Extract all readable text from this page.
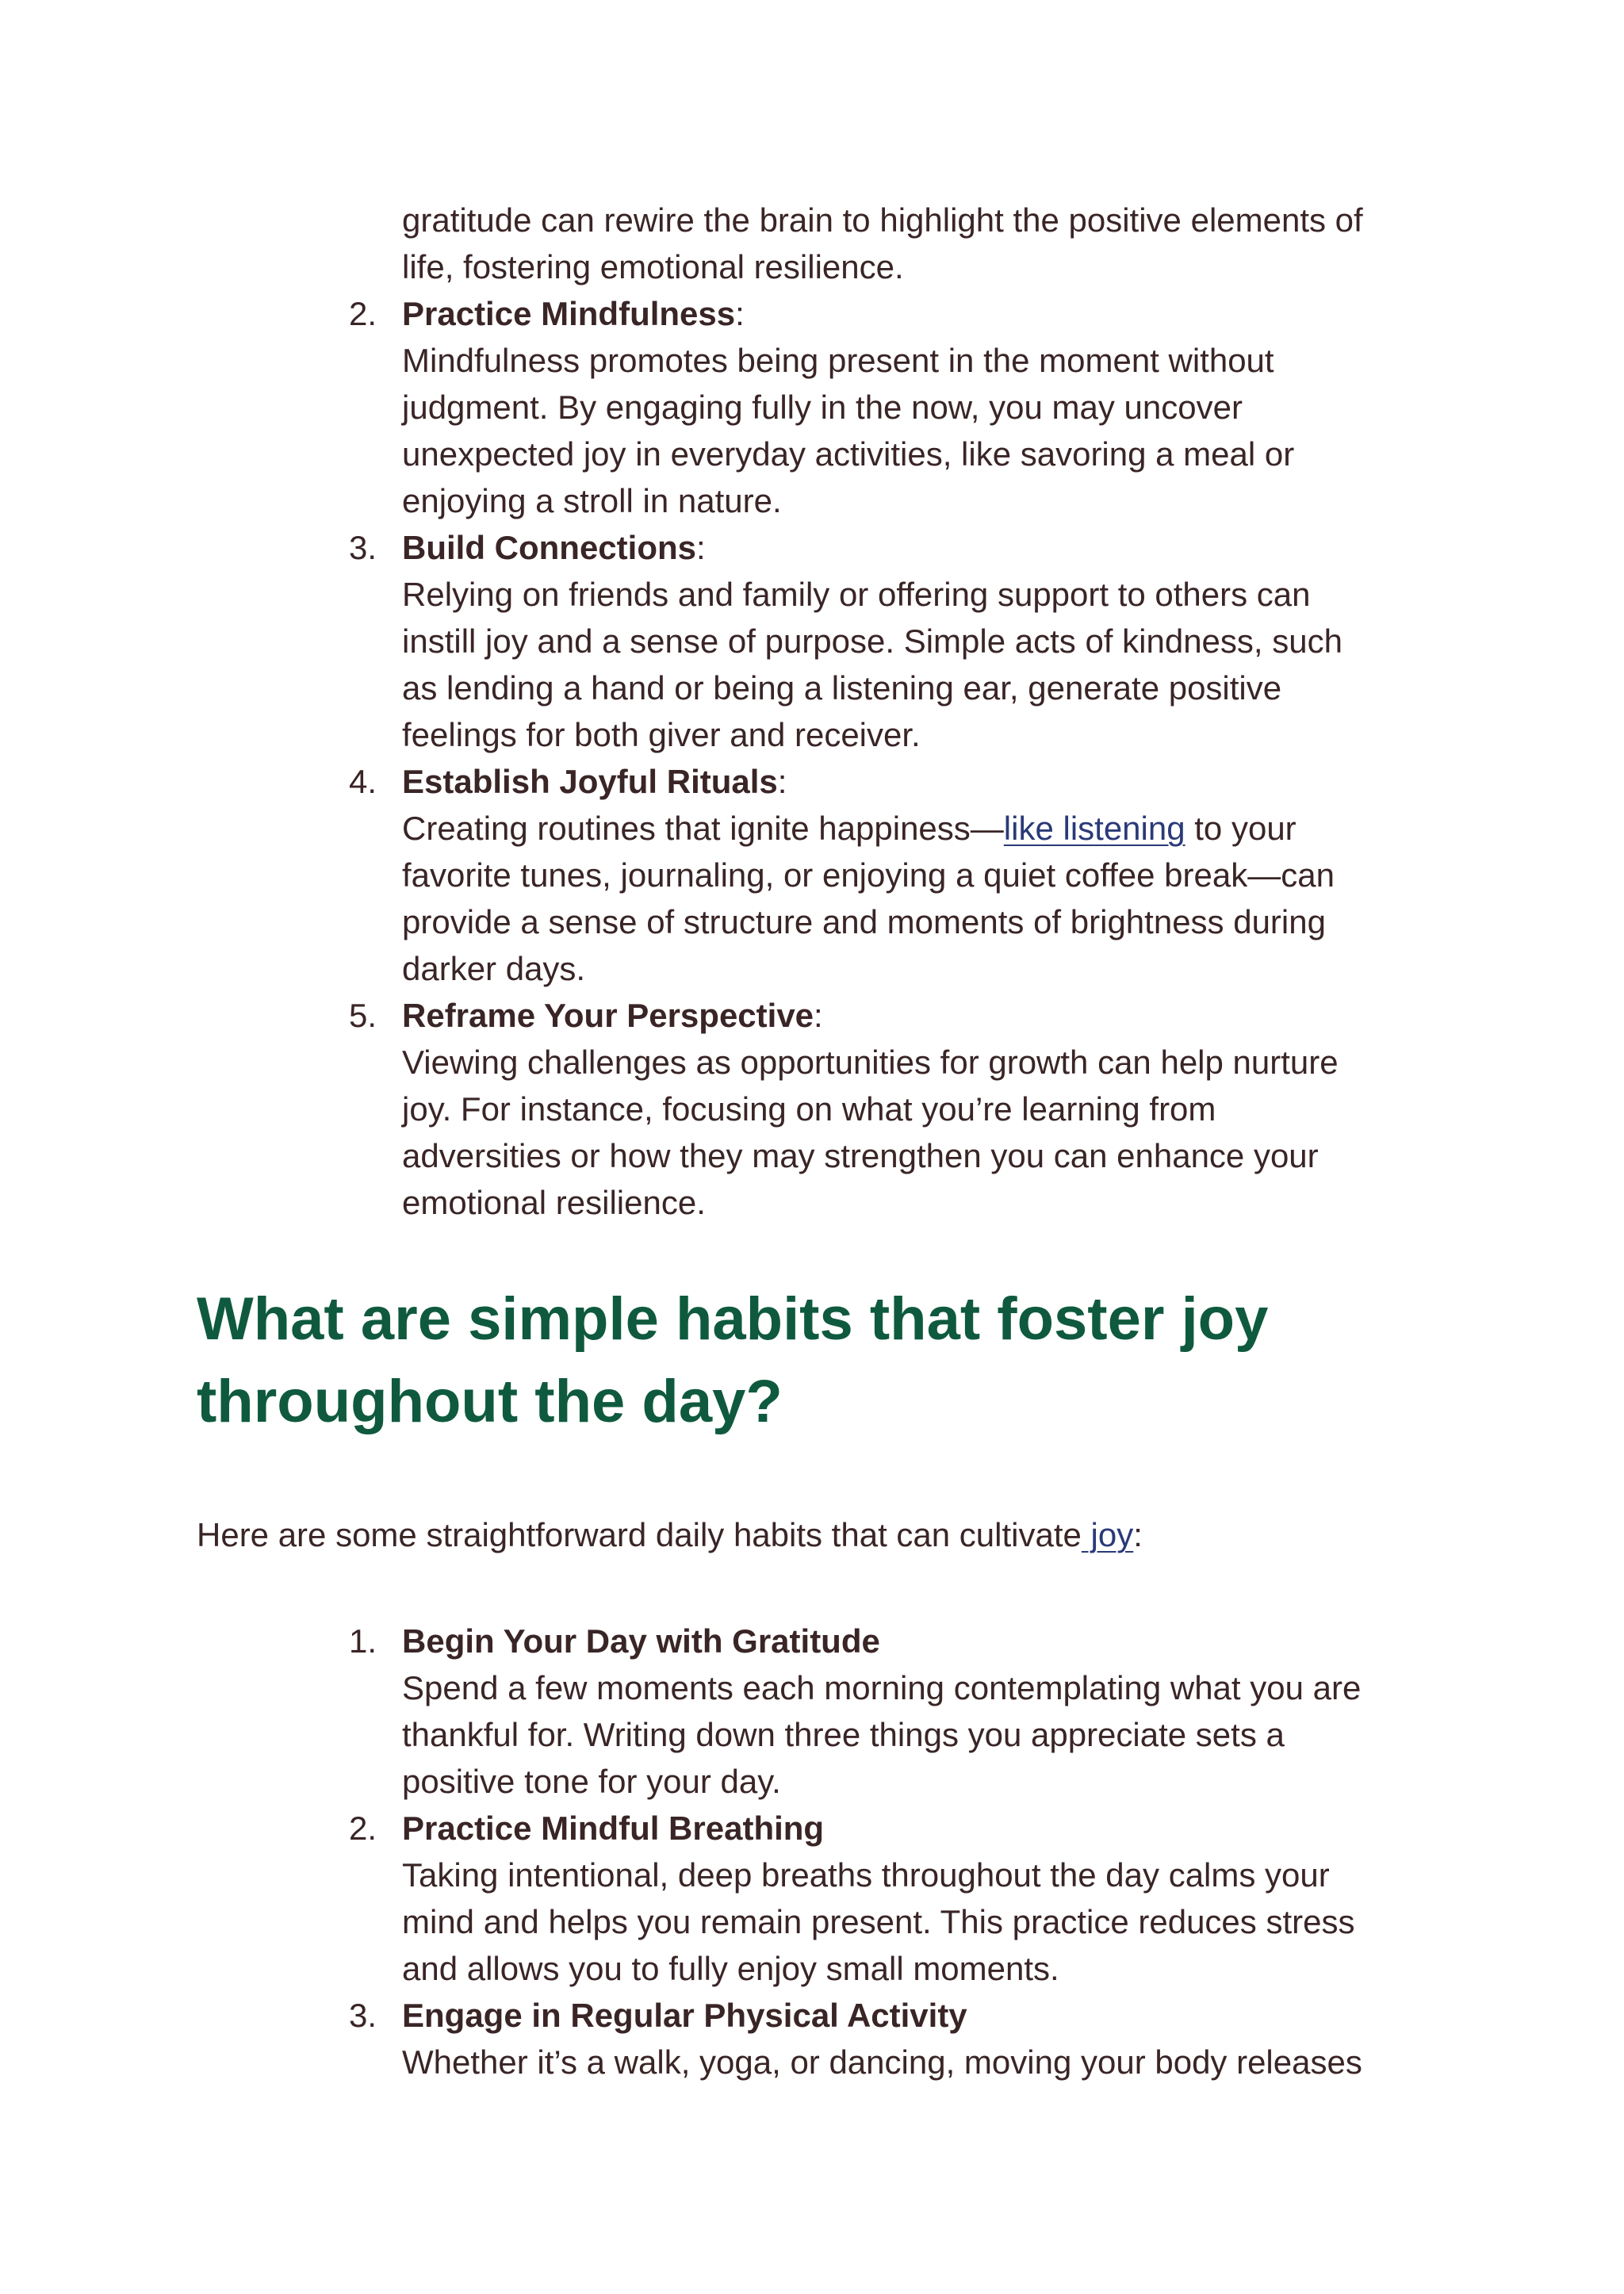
gratitude can rewire the brain to highlight the positive elements of
life, fostering emotional resilience.
2. Practice Mindfulness:
Mindfulness promotes being present in the moment without
judgment. By engaging fully in the now, you may uncover
unexpected joy in everyday activities, like savoring a meal or
enjoying a stroll in nature.
3. Build Connections:
Relying on friends and family or offering support to others can
instill joy and a sense of purpose. Simple acts of kindness, such
as lending a hand or being a listening ear, generate positive
feelings for both giver and receiver.
4. Establish Joyful Rituals:
Creating routines that ignite happiness—like listening to your
favorite tunes, journaling, or enjoying a quiet coffee break—can
provide a sense of structure and moments of brightness during
darker days.
5. Reframe Your Perspective:
Viewing challenges as opportunities for growth can help nurture
joy. For instance, focusing on what you’re learning from
adversities or how they may strengthen you can enhance your
emotional resilience.
What are simple habits that foster joy
throughout the day?
Here are some straightforward daily habits that can cultivate joy:
1. Begin Your Day with Gratitude
Spend a few moments each morning contemplating what you are
thankful for. Writing down three things you appreciate sets a
positive tone for your day.
2. Practice Mindful Breathing
Taking intentional, deep breaths throughout the day calms your
mind and helps you remain present. This practice reduces stress
and allows you to fully enjoy small moments.
3. Engage in Regular Physical Activity
Whether it’s a walk, yoga, or dancing, moving your body releases
